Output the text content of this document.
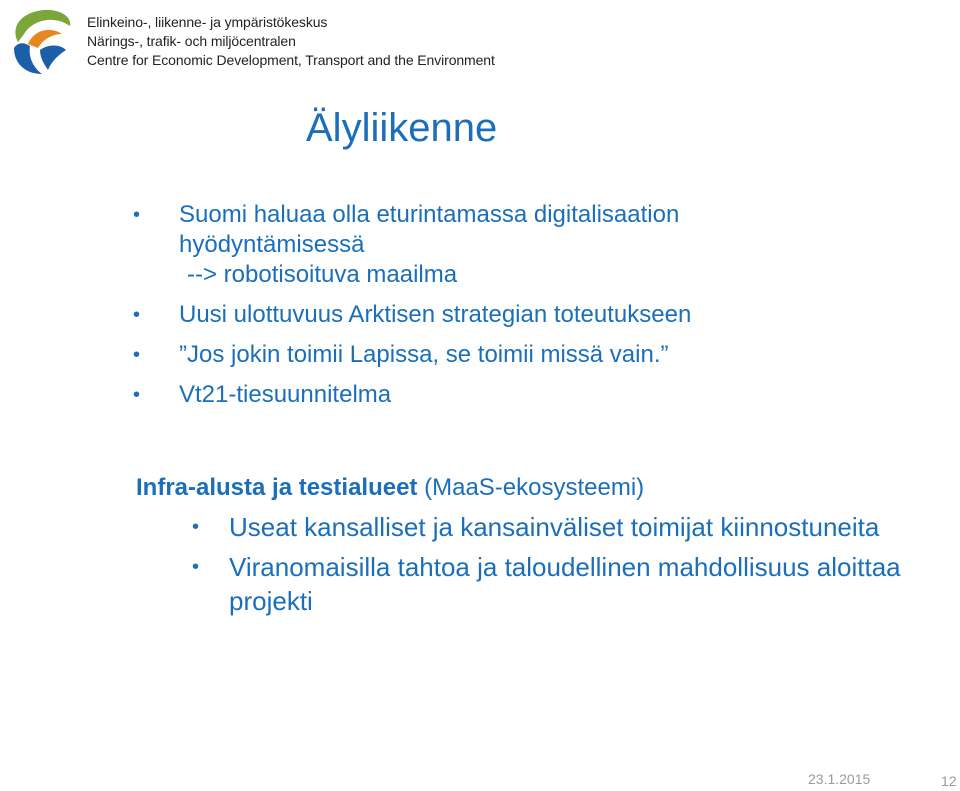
Elinkeino-, liikenne- ja ympäristökeskus
Närings-, trafik- och miljöcentralen
Centre for Economic Development, Transport and the Environment
Älyliikenne
• Suomi haluaa olla eturintamassa digitalisaation
hyödyntämisessä
--> robotisoituva maailma
• Uusi ulottuvuus Arktisen strategian toteutukseen
• ”Jos jokin toimii Lapissa, se toimii missä vain.”
• Vt21-tiesuunnitelma
Infra-alusta ja testialueet (MaaS-ekosysteemi)
• Useat kansalliset ja kansainväliset toimijat kiinnostuneita
• Viranomaisilla tahtoa ja taloudellinen mahdollisuus aloittaa
projekti
23.1.2015	12
